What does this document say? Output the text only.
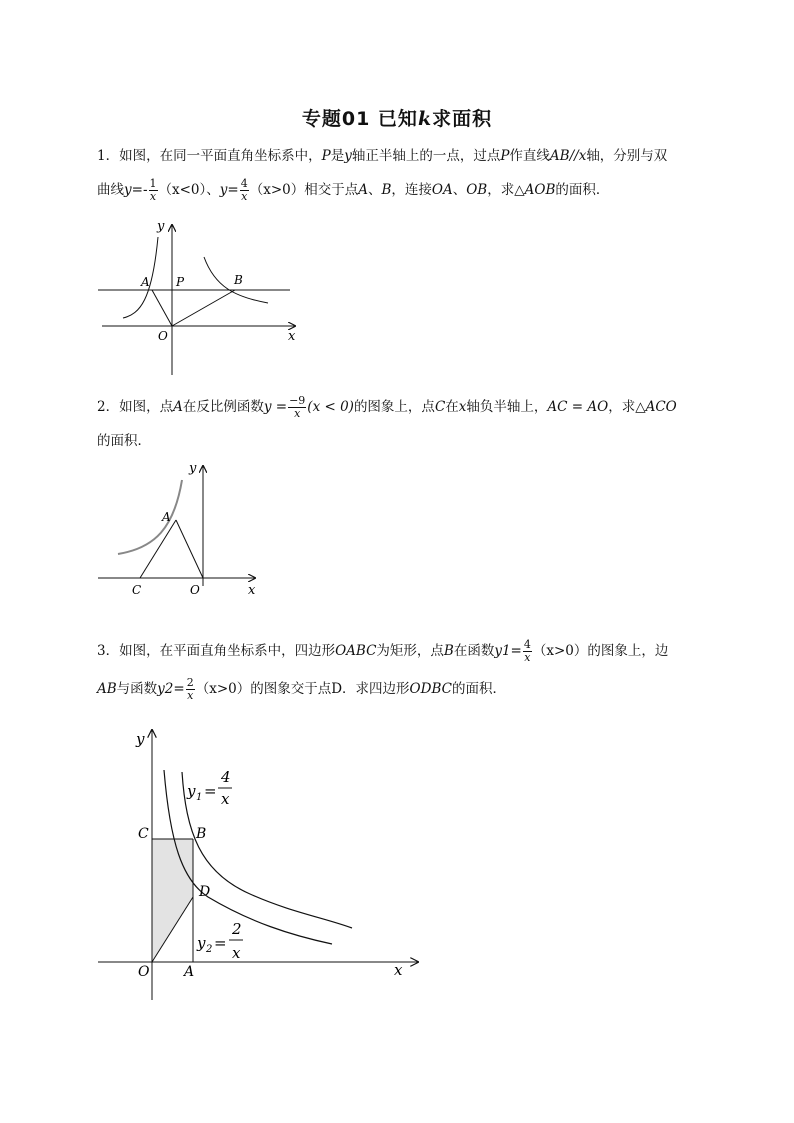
专题01 已知k求面积
1．如图，在同一平面直角坐标系中，P是y轴正半轴上的一点，过点P作直线AB//x轴，分别与双
曲线$y=- \frac{1}{x} (x<0)$、$y= \frac{4}{x} (x>0)$相交于点A、B，连接OA、OB，求△AOB的面积．
y
x
A P	B
O
2．如图，点A在反比例函数$y = \frac{-9}{x} (x < 0)$的图象上，点C在x轴负半轴上，AC = AO，求△ACO
的面积．
y
x
A
C	O
3．如图，在平面直角坐标系中，四边形OABC为矩形，点B在函数$y1= \frac{4}{x} (x>0)$的图象上，边
AB与函数$y2= \frac{2}{x} (x>0)$的图象交于点D．求四边形ODBC的面积．
y
x
C	B
D
O A
y 1 =
4
x
y 2 =
2
x
